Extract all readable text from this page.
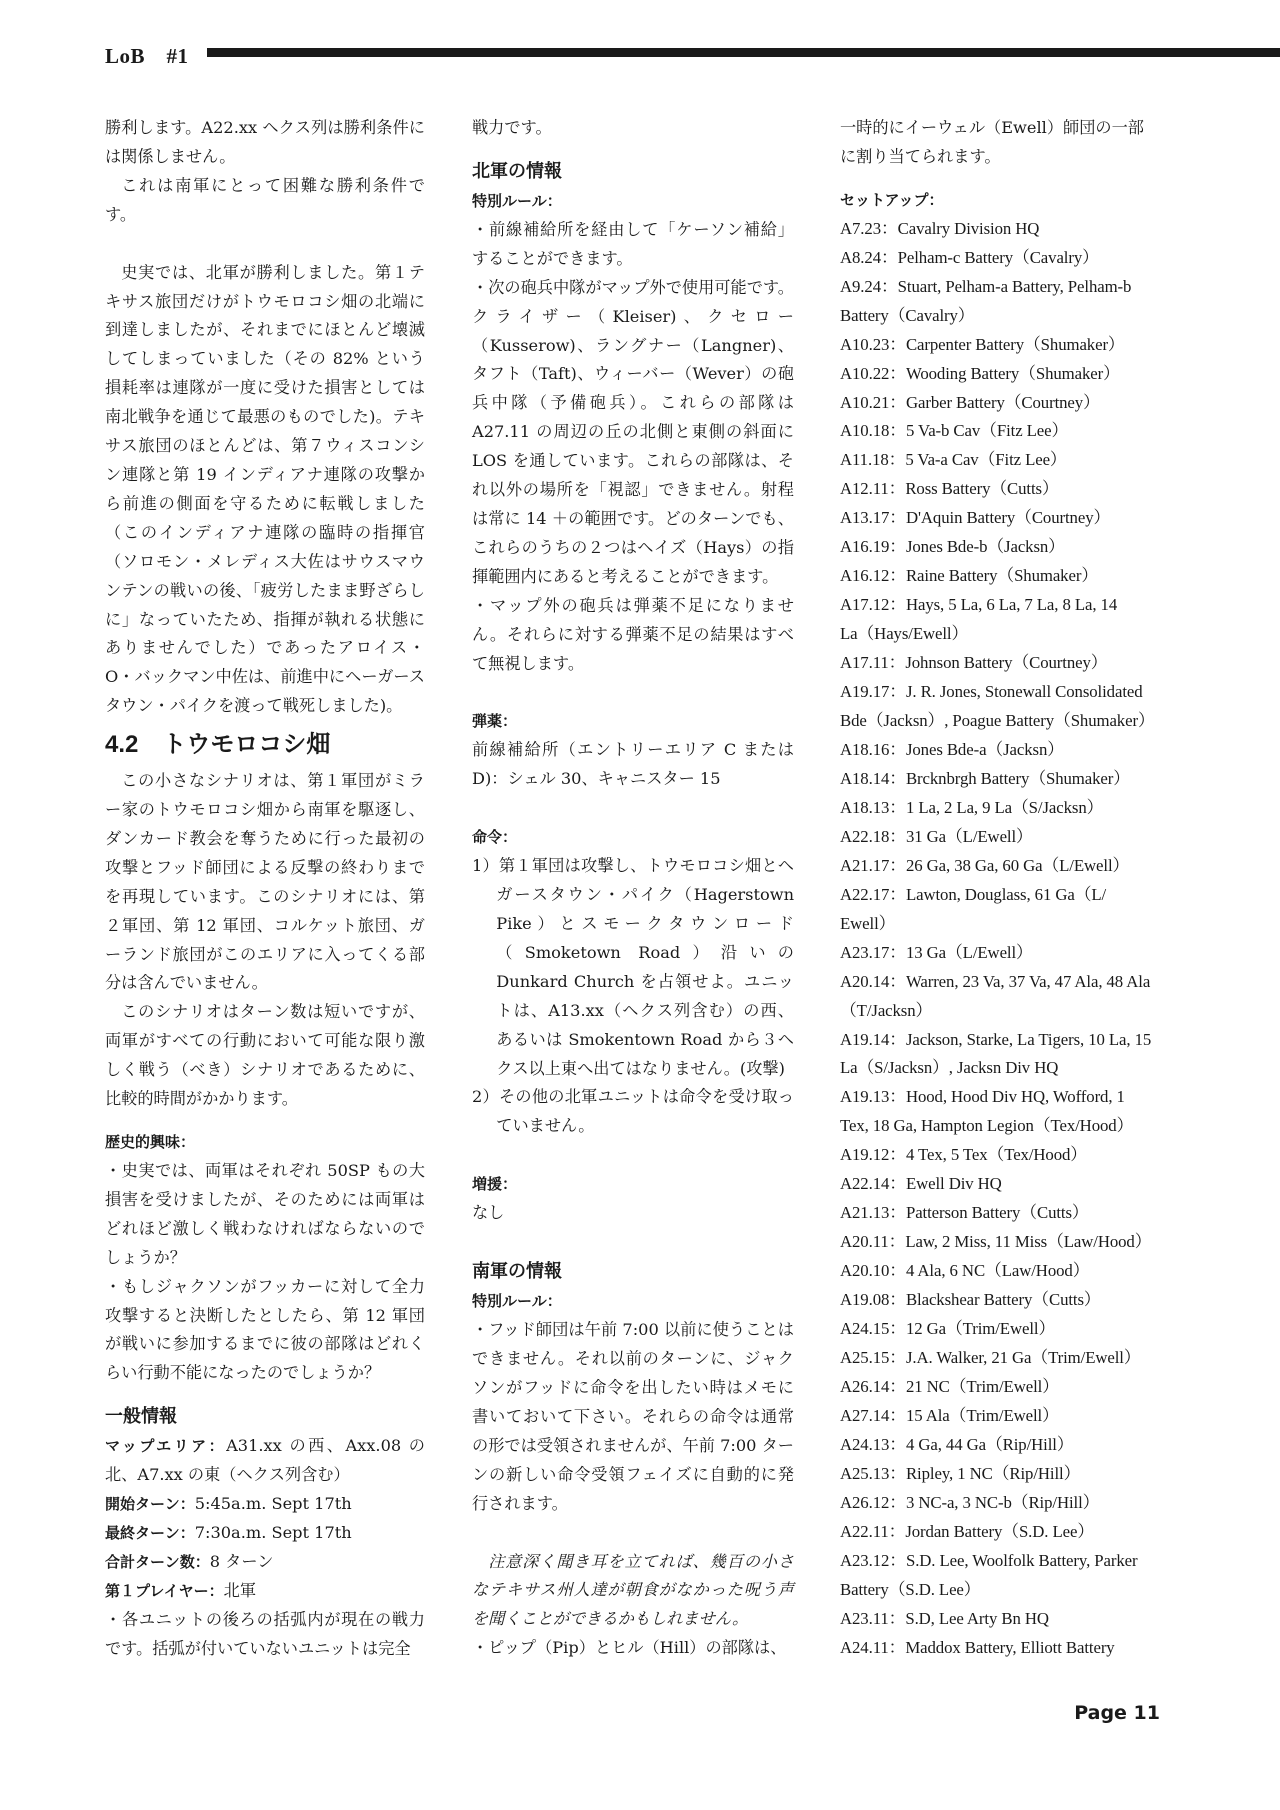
LoB　#1

勝利します。A22.xx ヘクス列は勝利条件には関係しません。

これは南軍にとって困難な勝利条件です。

史実では、北軍が勝利しました。第１テキサス旅団だけがトウモロコシ畑の北端に到達しましたが、それまでにほとんど壊滅してしまっていました（その 82% という損耗率は連隊が一度に受けた損害としては南北戦争を通じて最悪のものでした)。テキサス旅団のほとんどは、第７ウィスコンシン連隊と第 19 インディアナ連隊の攻撃から前進の側面を守るために転戦しました（このインディアナ連隊の臨時の指揮官（ソロモン・メレディス大佐はサウスマウンテンの戦いの後、「疲労したまま野ざらしに」なっていたため、指揮が執れる状態にありませんでした）であったアロイス・O・バックマン中佐は、前進中にヘーガースタウン・パイクを渡って戦死しました)。

4.2 トウモロコシ畑

この小さなシナリオは、第１軍団がミラー家のトウモロコシ畑から南軍を駆逐し、ダンカード教会を奪うために行った最初の攻撃とフッド師団による反撃の終わりまでを再現しています。このシナリオには、第２軍団、第 12 軍団、コルケット旅団、ガーランド旅団がこのエリアに入ってくる部分は含んでいません。

このシナリオはターン数は短いですが、両軍がすべての行動において可能な限り激しく戦う（べき）シナリオであるために、比較的時間がかかります。

歴史的興味：

・史実では、両軍はそれぞれ 50SP もの大損害を受けましたが、そのためには両軍はどれほど激しく戦わなければならないのでしょうか？

・もしジャクソンがフッカーに対して全力攻撃すると決断したとしたら、第 12 軍団が戦いに参加するまでに彼の部隊はどれくらい行動不能になったのでしょうか？

一般情報

マップエリア：A31.xx の西、Axx.08 の北、A7.xx の東（ヘクス列含む）

開始ターン：5:45a.m. Sept 17th

最終ターン：7:30a.m. Sept 17th

合計ターン数：8 ターン

第１プレイヤー：北軍

・各ユニットの後ろの括弧内が現在の戦力です。括弧が付いていないユニットは完全

戦力です。

北軍の情報

特別ルール：

・前線補給所を経由して「ケーソン補給」することができます。

・次の砲兵中隊がマップ外で使用可能です。クライザー（Kleiser)、クセロー（Kusserow)、ラングナー（Langner)、タフト（Taft)、ウィーバー（Wever）の砲兵中隊（予備砲兵）。これらの部隊は A27.11 の周辺の丘の北側と東側の斜面に LOS を通しています。これらの部隊は、それ以外の場所を「視認」できません。射程は常に 14 ＋の範囲です。どのターンでも、これらのうちの２つはヘイズ（Hays）の指揮範囲内にあると考えることができます。

・マップ外の砲兵は弾薬不足になりません。それらに対する弾薬不足の結果はすべて無視します。

弾薬：

前線補給所（エントリーエリア C または D)：シェル 30、キャニスター 15

命令：

1）第１軍団は攻撃し、トウモロコシ畑とヘガースタウン・パイク（Hagerstown Pike）とスモークタウンロード（Smoketown Road）沿いの Dunkard Church を占領せよ。ユニットは、A13.xx（ヘクス列含む）の西、あるいは Smokentown Road から３ヘクス以上東へ出てはなりません。(攻撃)

2）その他の北軍ユニットは命令を受け取っていません。

増援：

なし

南軍の情報

特別ルール：

・フッド師団は午前 7:00 以前に使うことはできません。それ以前のターンに、ジャクソンがフッドに命令を出したい時はメモに書いておいて下さい。それらの命令は通常の形では受領されませんが、午前 7:00 ターンの新しい命令受領フェイズに自動的に発行されます。

注意深く聞き耳を立てれば、幾百の小さなテキサス州人達が朝食がなかった呪う声を聞くことができるかもしれません。

・ピップ（Pip）とヒル（Hill）の部隊は、

一時的にイーウェル（Ewell）師団の一部

に割り当てられます。

セットアップ：

A7.23：Cavalry Division HQ

A8.24：Pelham-c Battery（Cavalry）

A9.24：Stuart, Pelham-a Battery, Pelham-b

Battery（Cavalry）

A10.23：Carpenter Battery（Shumaker）

A10.22：Wooding Battery（Shumaker）

A10.21：Garber Battery（Courtney）

A10.18：5 Va-b Cav（Fitz Lee）

A11.18：5 Va-a Cav（Fitz Lee）

A12.11：Ross Battery（Cutts）

A13.17：D'Aquin Battery（Courtney）

A16.19：Jones Bde-b（Jacksn）

A16.12：Raine Battery（Shumaker）

A17.12：Hays, 5 La, 6 La, 7 La, 8 La, 14

La（Hays/Ewell）

A17.11：Johnson Battery（Courtney）

A19.17：J. R. Jones, Stonewall Consolidated

Bde（Jacksn）, Poague Battery（Shumaker）

A18.16：Jones Bde-a（Jacksn）

A18.14：Brcknbrgh Battery（Shumaker）

A18.13：1 La, 2 La, 9 La（S/Jacksn）

A22.18：31 Ga（L/Ewell）

A21.17：26 Ga, 38 Ga, 60 Ga（L/Ewell）

A22.17：Lawton, Douglass, 61 Ga（L/

Ewell）

A23.17：13 Ga（L/Ewell）

A20.14：Warren, 23 Va, 37 Va, 47 Ala, 48 Ala

（T/Jacksn）

A19.14：Jackson, Starke, La Tigers, 10 La, 15

La（S/Jacksn）, Jacksn Div HQ

A19.13：Hood, Hood Div HQ, Wofford, 1

Tex, 18 Ga, Hampton Legion（Tex/Hood）

A19.12：4 Tex, 5 Tex（Tex/Hood）

A22.14：Ewell Div HQ

A21.13：Patterson Battery（Cutts）

A20.11：Law, 2 Miss, 11 Miss（Law/Hood）

A20.10：4 Ala, 6 NC（Law/Hood）

A19.08：Blackshear Battery（Cutts）

A24.15：12 Ga（Trim/Ewell）

A25.15：J.A. Walker, 21 Ga（Trim/Ewell）

A26.14：21 NC（Trim/Ewell）

A27.14：15 Ala（Trim/Ewell）

A24.13：4 Ga, 44 Ga（Rip/Hill）

A25.13：Ripley, 1 NC（Rip/Hill）

A26.12：3 NC-a, 3 NC-b（Rip/Hill）

A22.11：Jordan Battery（S.D. Lee）

A23.12：S.D. Lee, Woolfolk Battery, Parker

Battery（S.D. Lee）

A23.11：S.D, Lee Arty Bn HQ

A24.11：Maddox Battery, Elliott Battery

Page 11
